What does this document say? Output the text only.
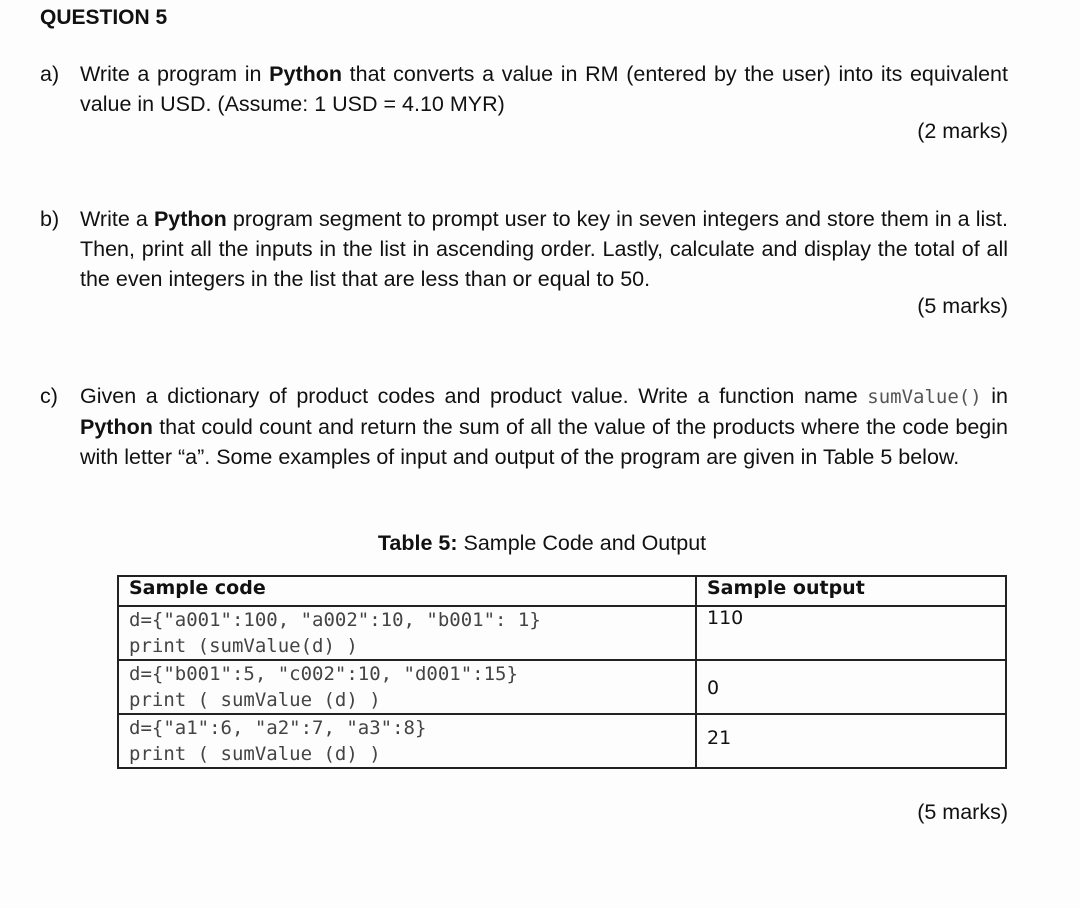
QUESTION 5
a) Write a program in Python that converts a value in RM (entered by the user) into its equivalent value in USD. (Assume: 1 USD = 4.10 MYR)
(2 marks)
b) Write a Python program segment to prompt user to key in seven integers and store them in a list. Then, print all the inputs in the list in ascending order. Lastly, calculate and display the total of all the even integers in the list that are less than or equal to 50.
(5 marks)
c)	Given a dictionary of product codes and product value. Write a function name sumValue() in Python that could count and return the sum of all the value of the products where the code begin with letter “a”. Some examples of input and output of the program are given in Table 5 below.
Table 5: Sample Code and Output
Sample code	Sample output

d={"a001":100, "a002":10, "b001": 1}
print (sumValue(d) )	110

d={"b001":5, "c002":10, "d001":15}
print ( sumValue (d) )	0

d={"a1":6, "a2":7, "a3":8}
print ( sumValue (d) )	21
(5 marks)
